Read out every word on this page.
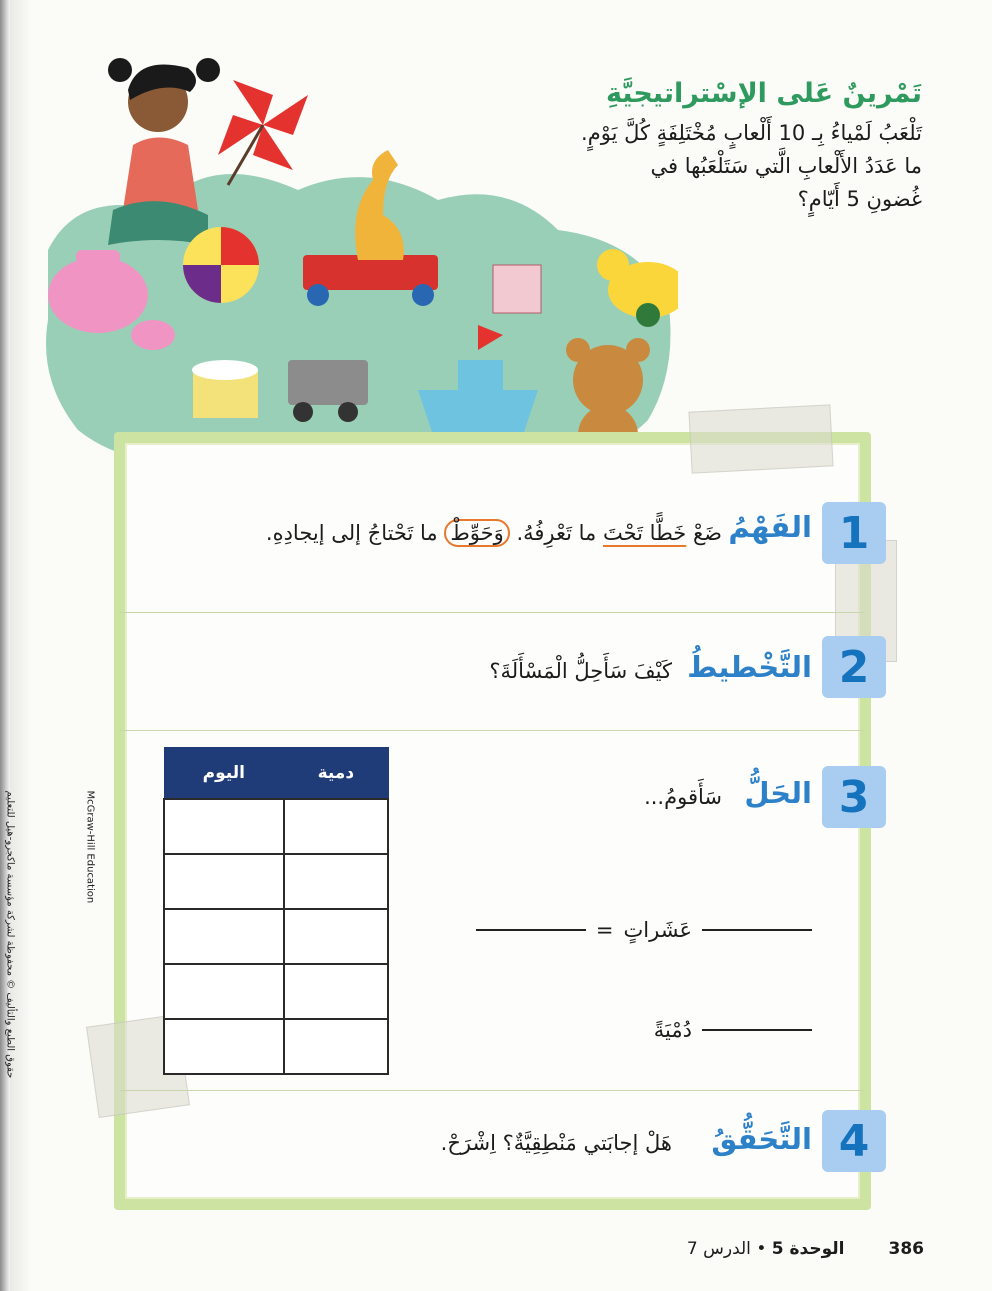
تَمْرينٌ عَلى الإسْتراتيجيَّةِ

تَلْعَبُ لَمْياءُ بِـ 10 أَلْعابٍ مُخْتَلِفَةٍ كُلَّ يَوْمٍ.

ما عَدَدُ الأَلْعابِ الَّتي سَتَلْعَبُها في

غُضونِ 5 أَيّامٍ؟

1
الفَهْمُ
ضَعْ خَطًّا تَحْتَ ما تَعْرِفُهُ. وَحَوِّطْ ما تَحْتاجُ إلى إيجادِهِ.
2
التَّخْطيطُ
كَيْفَ سَأَحِلُّ الْمَسْأَلَةَ؟
3
الحَلُّ
سَأَقومُ...
اليوم	دمية

عَشَراتٍ
=
دُمْيَةً
4
التَّحَقُّقُ
هَلْ إجابَتي مَنْطِقِيَّةٌ؟ اِشْرَحْ.
McGraw-Hill Education
حقوق الطبع والتأليف © محفوظة لشركة مؤسسة ماكجرو-هيل للتعليم
386
الوحدة 5 • الدرس 7
